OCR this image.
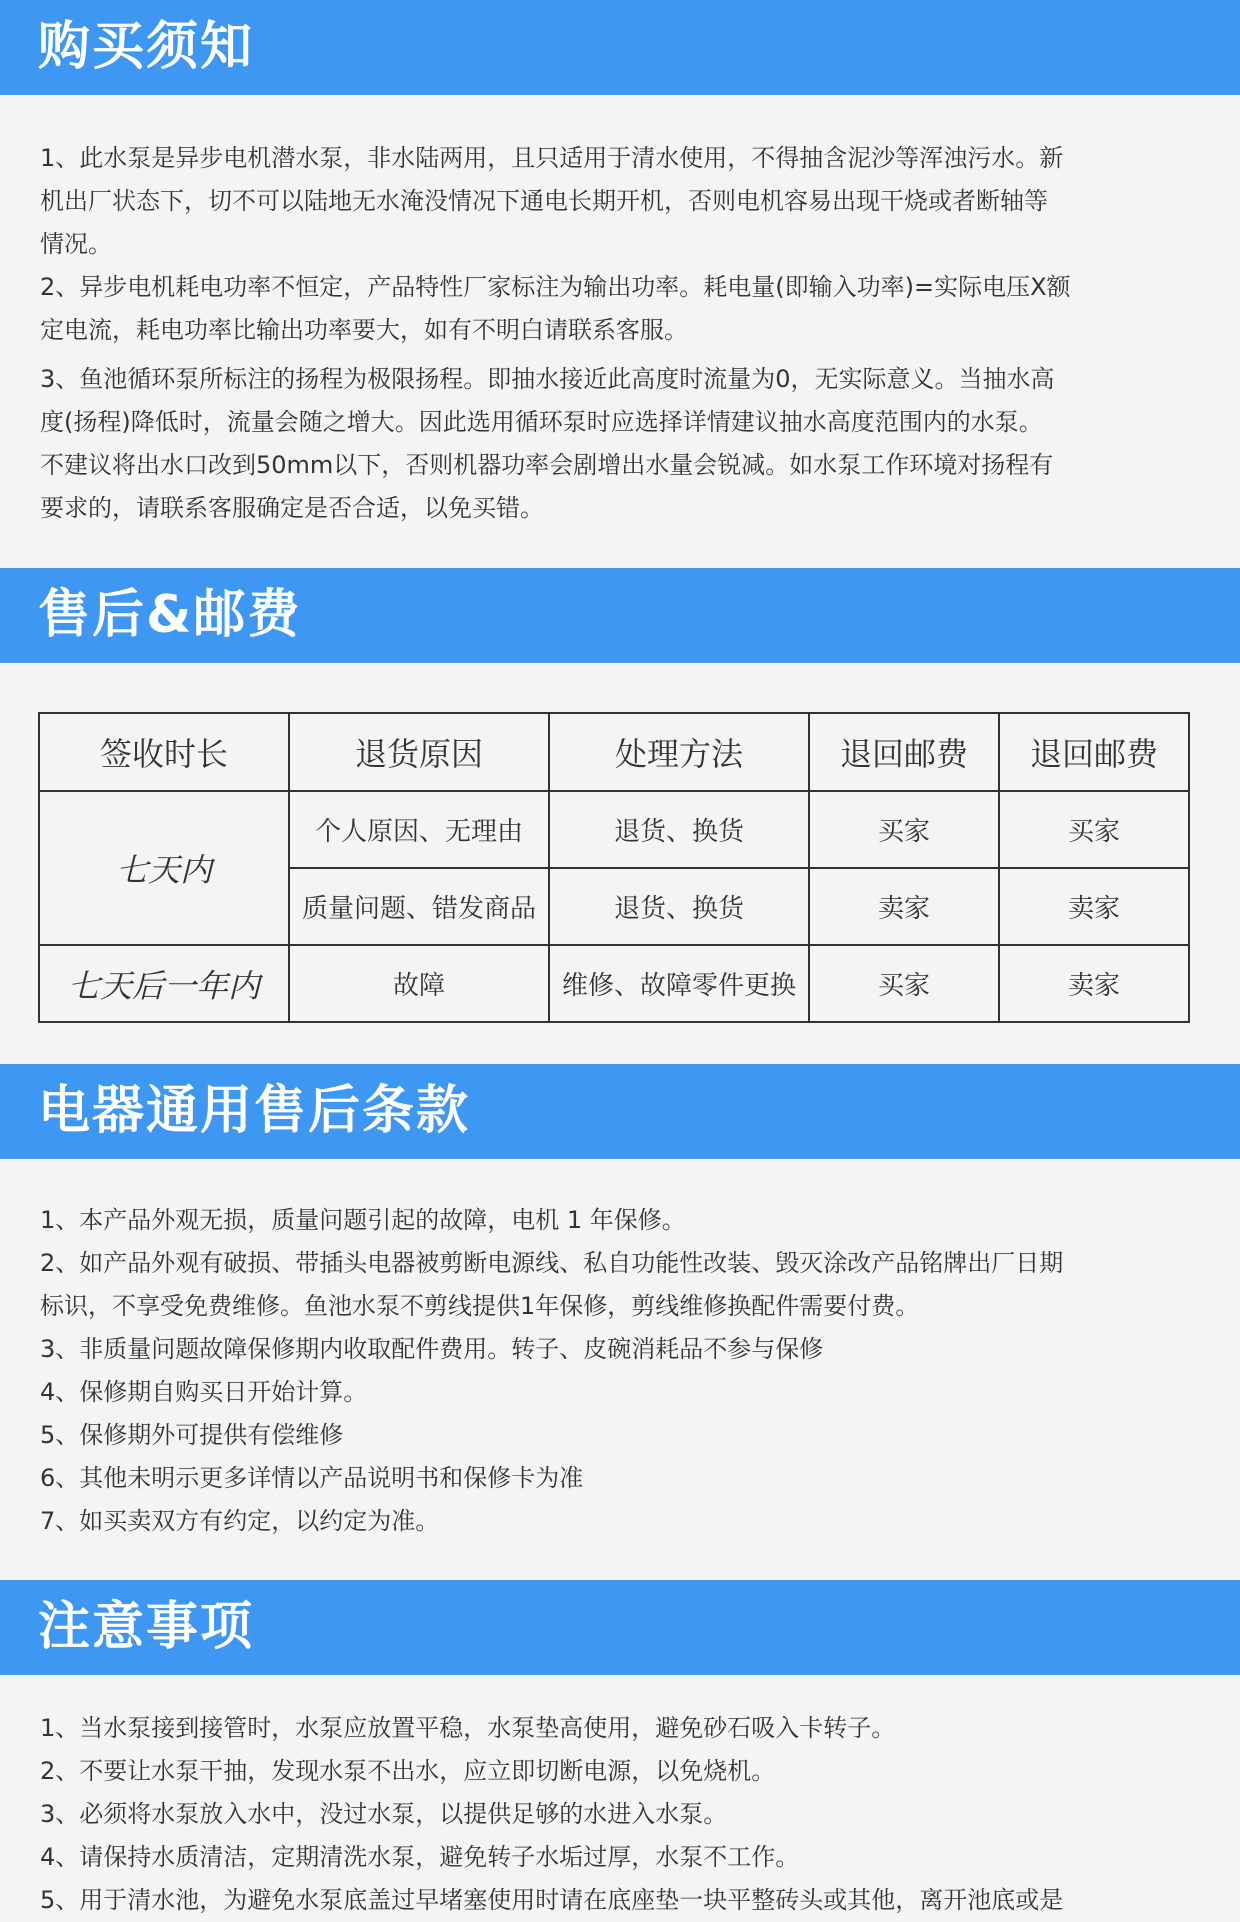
购买须知

1、此水泵是异步电机潜水泵，非水陆两用，且只适用于清水使用，不得抽含泥沙等浑浊污水。新

机出厂状态下，切不可以陆地无水淹没情况下通电长期开机，否则电机容易出现干烧或者断轴等

情况。

2、异步电机耗电功率不恒定，产品特性厂家标注为输出功率。耗电量(即输入功率)=实际电压X额

定电流，耗电功率比输出功率要大，如有不明白请联系客服。

3、鱼池循环泵所标注的扬程为极限扬程。即抽水接近此高度时流量为0，无实际意义。当抽水高

度(扬程)降低时，流量会随之增大。因此选用循环泵时应选择详情建议抽水高度范围内的水泵。

不建议将出水口改到50mm以下，否则机器功率会剧增出水量会锐减。如水泵工作环境对扬程有

要求的，请联系客服确定是否合适，以免买错。

售后&邮费
签收时长	退货原因	处理方法	退回邮费	退回邮费
七天内	个人原因、无理由	退货、换货	买家	买家
	质量问题、错发商品	退货、换货	卖家	卖家
七天后一年内	故障	维修、故障零件更换	买家	卖家
电器通用售后条款

1、本产品外观无损，质量问题引起的故障，电机 1 年保修。

2、如产品外观有破损、带插头电器被剪断电源线、私自功能性改装、毁灭涂改产品铭牌出厂日期

标识，不享受免费维修。鱼池水泵不剪线提供1年保修，剪线维修换配件需要付费。

3、非质量问题故障保修期内收取配件费用。转子、皮碗消耗品不参与保修

4、保修期自购买日开始计算。

5、保修期外可提供有偿维修

6、其他未明示更多详情以产品说明书和保修卡为准

7、如买卖双方有约定，以约定为准。

注意事项

1、当水泵接到接管时，水泵应放置平稳，水泵垫高使用，避免砂石吸入卡转子。

2、不要让水泵干抽，发现水泵不出水，应立即切断电源，以免烧机。

3、必须将水泵放入水中，没过水泵，以提供足够的水进入水泵。

4、请保持水质清洁，定期清洗水泵，避免转子水垢过厚，水泵不工作。

5、用于清水池，为避免水泵底盖过早堵塞使用时请在底座垫一块平整砖头或其他，离开池底或是
